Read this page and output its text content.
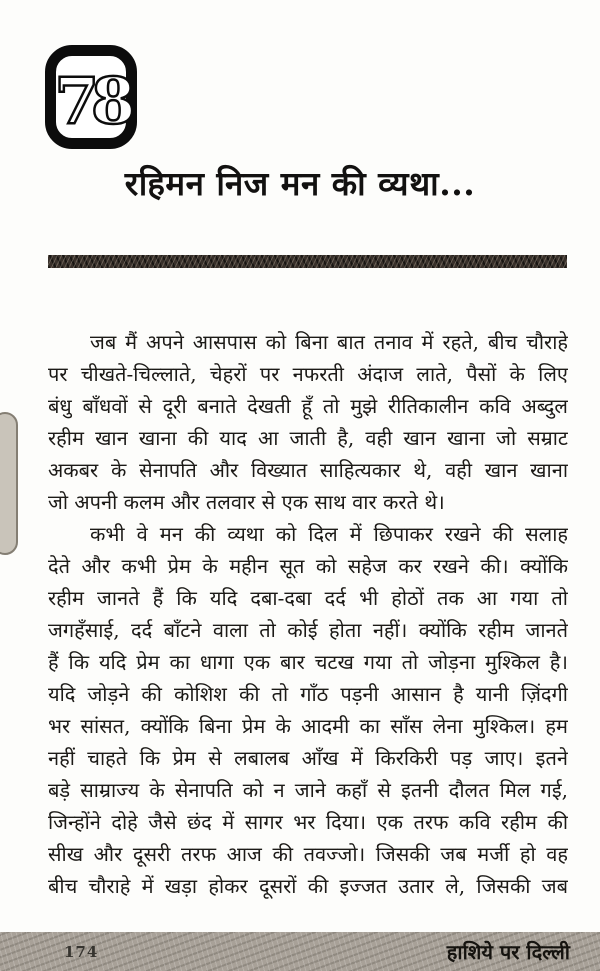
78
रहिमन निज मन की व्यथा...
जब मैं अपने आसपास को बिना बात तनाव में रहते, बीच चौराहे
पर चीखते-चिल्लाते, चेहरों पर नफरती अंदाज लाते, पैसों के लिए
बंधु बाँधवों से दूरी बनाते देखती हूँ तो मुझे रीतिकालीन कवि अब्दुल
रहीम खान खाना की याद आ जाती है, वही खान खाना जो सम्राट
अकबर के सेनापति और विख्यात साहित्यकार थे, वही खान खाना
जो अपनी कलम और तलवार से एक साथ वार करते थे।
कभी वे मन की व्यथा को दिल में छिपाकर रखने की सलाह
देते और कभी प्रेम के महीन सूत को सहेज कर रखने की। क्योंकि
रहीम जानते हैं कि यदि दबा-दबा दर्द भी होठों तक आ गया तो
जगहँसाई, दर्द बाँटने वाला तो कोई होता नहीं। क्योंकि रहीम जानते
हैं कि यदि प्रेम का धागा एक बार चटख गया तो जोड़ना मुश्किल है।
यदि जोड़ने की कोशिश की तो गाँठ पड़नी आसान है यानी ज़िंदगी
भर सांसत, क्योंकि बिना प्रेम के आदमी का साँस लेना मुश्किल। हम
नहीं चाहते कि प्रेम से लबालब आँख में किरकिरी पड़ जाए। इतने
बड़े साम्राज्य के सेनापति को न जाने कहाँ से इतनी दौलत मिल गई,
जिन्होंने दोहे जैसे छंद में सागर भर दिया। एक तरफ कवि रहीम की
सीख और दूसरी तरफ आज की तवज्जो। जिसकी जब मर्जी हो वह
बीच चौराहे में खड़ा होकर दूसरों की इज्जत उतार ले, जिसकी जब
174	हाशिये पर दिल्ली
